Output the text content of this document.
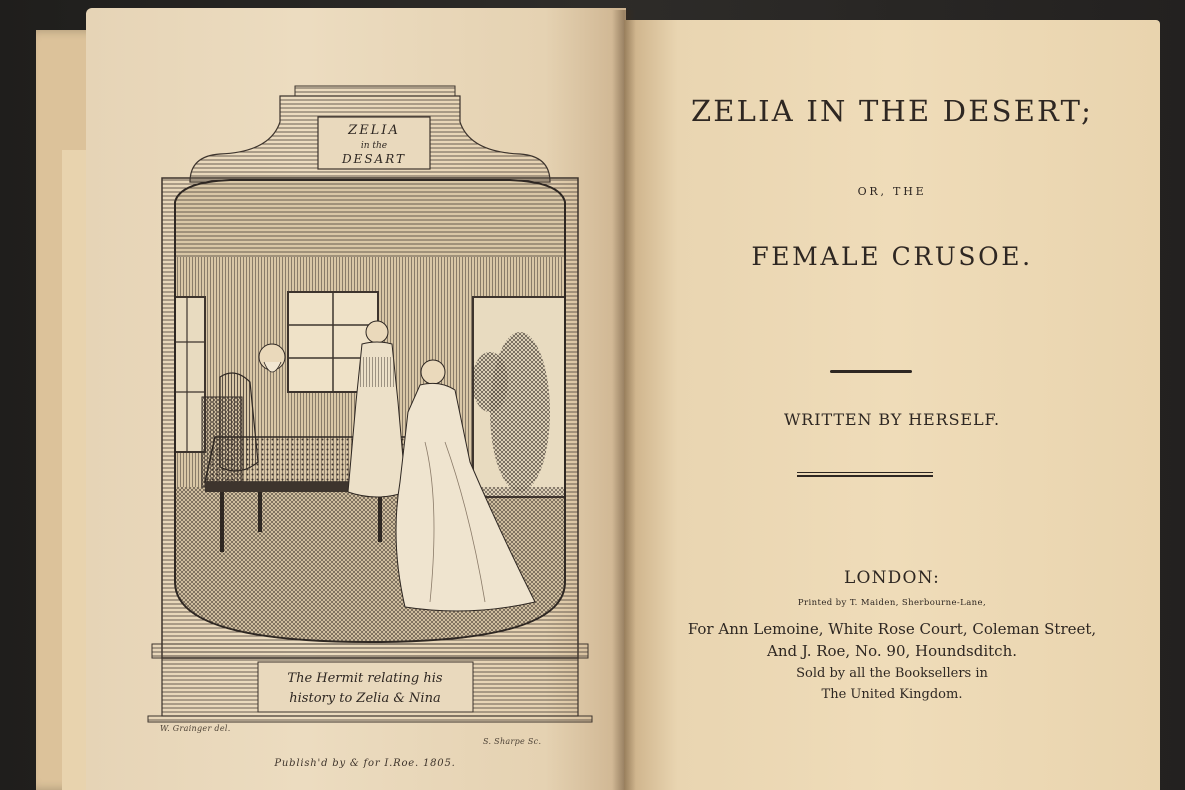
ZELIA
in the
DESART
The Hermit relating his
history to Zelia & Nina
W. Grainger del.
S. Sharpe Sc.
Publish'd by & for I.Roe. 1805.
ZELIA IN THE DESERT;
OR, THE
FEMALE CRUSOE.
WRITTEN BY HERSELF.
LONDON:
Printed by T. Maiden, Sherbourne-Lane,
For Ann Lemoine, White Rose Court, Coleman Street,
And J. Roe, No. 90, Houndsditch.
Sold by all the Booksellers in
The United Kingdom.
